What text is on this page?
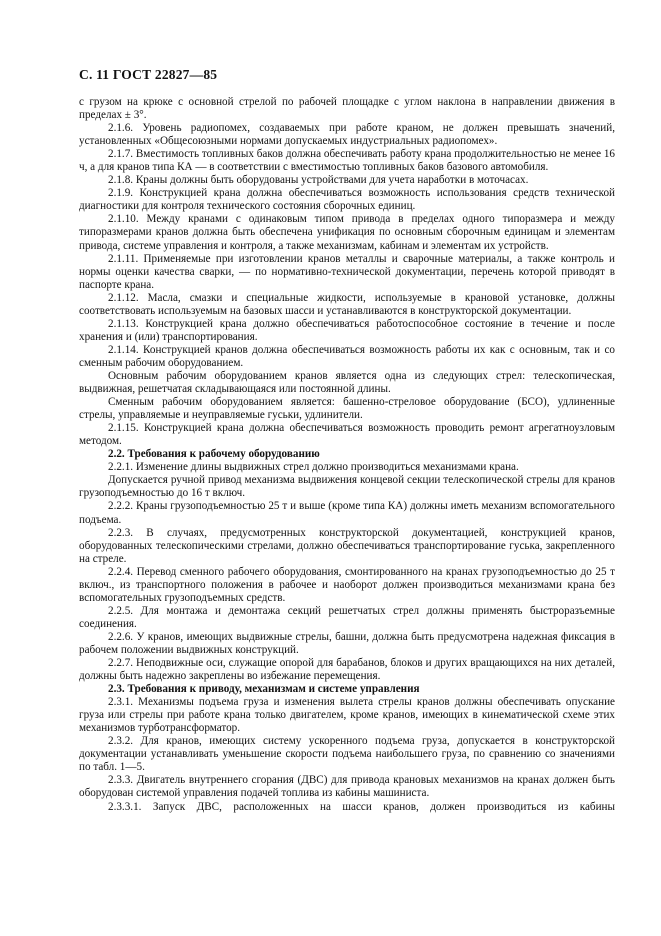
С. 11 ГОСТ 22827—85

с грузом на крюке с основной стрелой по рабочей площадке с углом наклона в направлении движения в пределах ± 3°.

2.1.6. Уровень радиопомех, создаваемых при работе краном, не должен превышать значений, установленных «Общесоюзными нормами допускаемых индустриальных радиопомех».

2.1.7. Вместимость топливных баков должна обеспечивать работу крана продолжительностью не менее 16 ч, а для кранов типа КА — в соответствии с вместимостью топливных баков базового автомобиля.

2.1.8. Краны должны быть оборудованы устройствами для учета наработки в моточасах.

2.1.9. Конструкцией крана должна обеспечиваться возможность использования средств технической диагностики для контроля технического состояния сборочных единиц.

2.1.10. Между кранами с одинаковым типом привода в пределах одного типоразмера и между типоразмерами кранов должна быть обеспечена унификация по основным сборочным единицам и элементам привода, системе управления и контроля, а также механизмам, кабинам и элементам их устройств.

2.1.11. Применяемые при изготовлении кранов металлы и сварочные материалы, а также контроль и нормы оценки качества сварки, — по нормативно-технической документации, перечень которой приводят в паспорте крана.

2.1.12. Масла, смазки и специальные жидкости, используемые в крановой установке, должны соответствовать используемым на базовых шасси и устанавливаются в конструкторской документации.

2.1.13. Конструкцией крана должно обеспечиваться работоспособное состояние в течение и после хранения и (или) транспортирования.

2.1.14. Конструкцией кранов должна обеспечиваться возможность работы их как с основным, так и со сменным рабочим оборудованием.

Основным рабочим оборудованием кранов является одна из следующих стрел: телескопическая, выдвижная, решетчатая складывающаяся или постоянной длины.

Сменным рабочим оборудованием является: башенно-стреловое оборудование (БСО), удлиненные стрелы, управляемые и неуправляемые гуськи, удлинители.

2.1.15. Конструкцией крана должна обеспечиваться возможность проводить ремонт агрегатноузловым методом.

2.2. Требования к рабочему оборудованию

2.2.1. Изменение длины выдвижных стрел должно производиться механизмами крана.

Допускается ручной привод механизма выдвижения концевой секции телескопической стрелы для кранов грузоподъемностью до 16 т включ.

2.2.2. Краны грузоподъемностью 25 т и выше (кроме типа КА) должны иметь механизм вспомогательного подъема.

2.2.3. В случаях, предусмотренных конструкторской документацией, конструкцией кранов, оборудованных телескопическими стрелами, должно обеспечиваться транспортирование гуська, закрепленного на стреле.

2.2.4. Перевод сменного рабочего оборудования, смонтированного на кранах грузоподъемностью до 25 т включ., из транспортного положения в рабочее и наоборот должен производиться механизмами крана без вспомогательных грузоподъемных средств.

2.2.5. Для монтажа и демонтажа секций решетчатых стрел должны применять быстроразъемные соединения.

2.2.6. У кранов, имеющих выдвижные стрелы, башни, должна быть предусмотрена надежная фиксация в рабочем положении выдвижных конструкций.

2.2.7. Неподвижные оси, служащие опорой для барабанов, блоков и других вращающихся на них деталей, должны быть надежно закреплены во избежание перемещения.

2.3. Требования к приводу, механизмам и системе управления

2.3.1. Механизмы подъема груза и изменения вылета стрелы кранов должны обеспечивать опускание груза или стрелы при работе крана только двигателем, кроме кранов, имеющих в кинематической схеме этих механизмов турботрансформатор.

2.3.2. Для кранов, имеющих систему ускоренного подъема груза, допускается в конструкторской документации устанавливать уменьшение скорости подъема наибольшего груза, по сравнению со значениями по табл. 1—5.

2.3.3. Двигатель внутреннего сгорания (ДВС) для привода крановых механизмов на кранах должен быть оборудован системой управления подачей топлива из кабины машиниста.

2.3.3.1. Запуск ДВС, расположенных на шасси кранов, должен производиться из кабины
